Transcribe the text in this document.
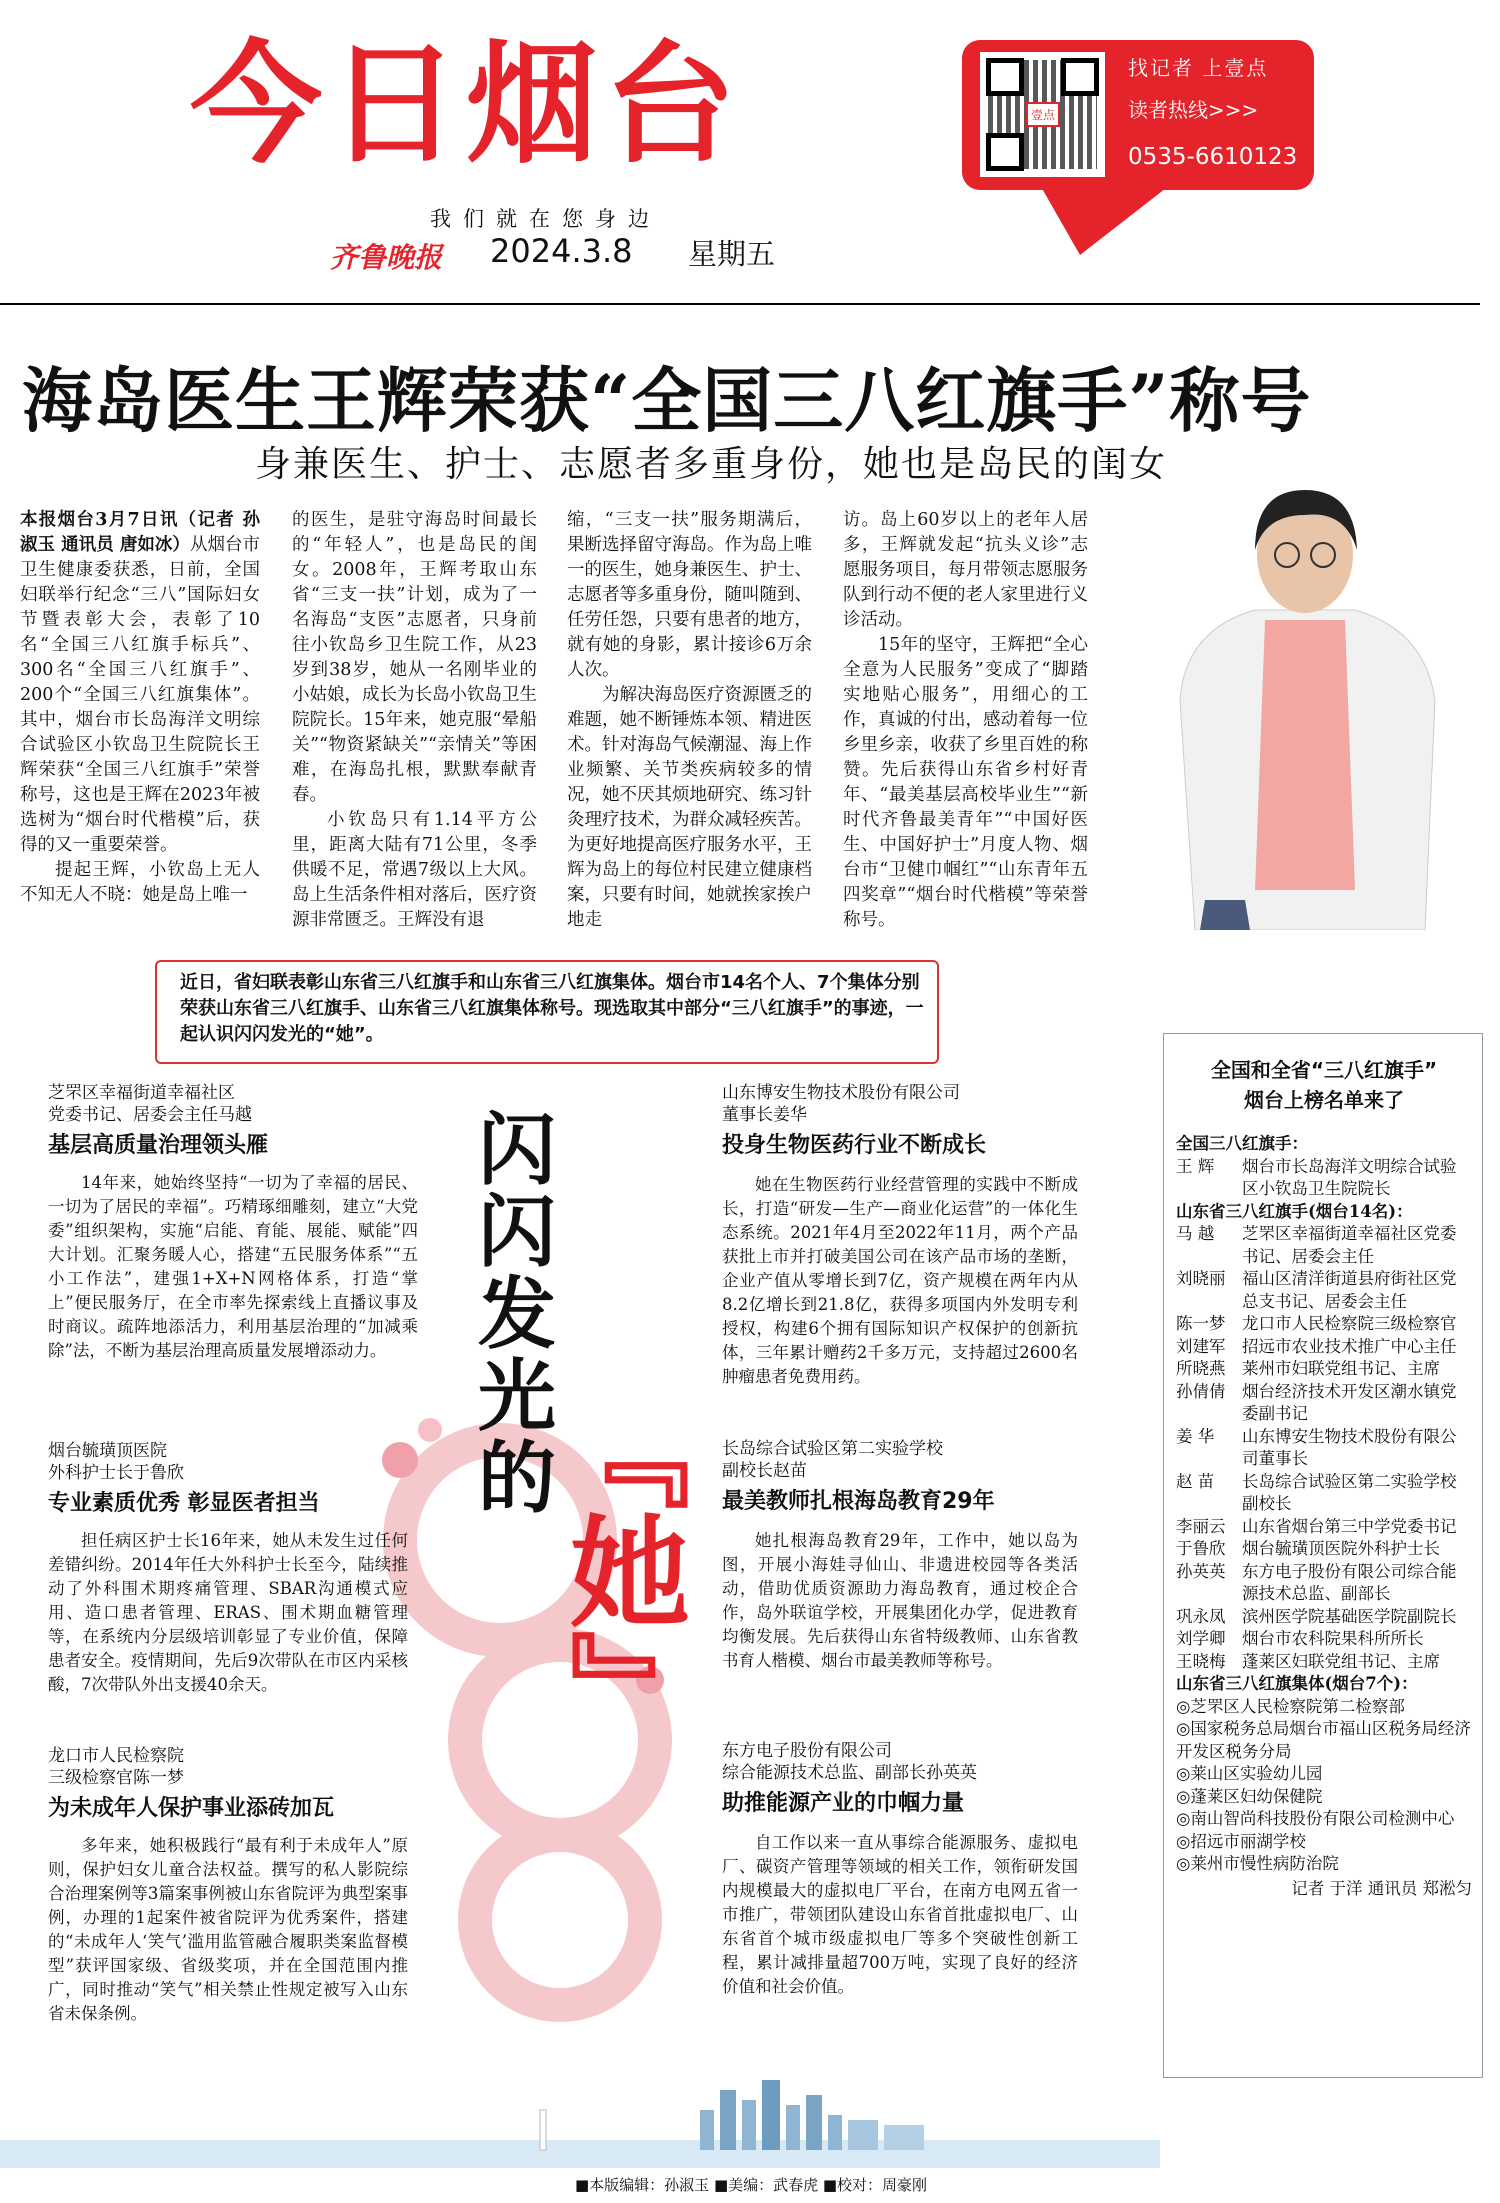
今日烟台
我们就在您身边
齐鲁晚报 2024.3.8 星期五
壹点
找记者 上壹点
读者热线>>>
0535-6610123
海岛医生王辉荣获“全国三八红旗手”称号
身兼医生、护士、志愿者多重身份，她也是岛民的闺女
本报烟台3月7日讯（记者 孙淑玉 通讯员 唐如冰）从烟台市卫生健康委获悉，日前，全国妇联举行纪念“三八”国际妇女节暨表彰大会，表彰了10名“全国三八红旗手标兵”、300名“全国三八红旗手”、200个“全国三八红旗集体”。其中，烟台市长岛海洋文明综合试验区小钦岛卫生院院长王辉荣获“全国三八红旗手”荣誉称号，这也是王辉在2023年被选树为“烟台时代楷模”后，获得的又一重要荣誉。
提起王辉，小钦岛上无人不知无人不晓：她是岛上唯一
的医生，是驻守海岛时间最长的“年轻人”，也是岛民的闺女。2008年，王辉考取山东省“三支一扶”计划，成为了一名海岛“支医”志愿者，只身前往小钦岛乡卫生院工作，从23岁到38岁，她从一名刚毕业的小姑娘，成长为长岛小钦岛卫生院院长。15年来，她克服“晕船关”“物资紧缺关”“亲情关”等困难，在海岛扎根，默默奉献青春。
小钦岛只有1.14平方公里，距离大陆有71公里，冬季供暖不足，常遇7级以上大风。岛上生活条件相对落后，医疗资源非常匮乏。王辉没有退
缩，“三支一扶”服务期满后，果断选择留守海岛。作为岛上唯一的医生，她身兼医生、护士、志愿者等多重身份，随叫随到、任劳任怨，只要有患者的地方，就有她的身影，累计接诊6万余人次。
为解决海岛医疗资源匮乏的难题，她不断锤炼本领、精进医术。针对海岛气候潮湿、海上作业频繁、关节类疾病较多的情况，她不厌其烦地研究、练习针灸理疗技术，为群众减轻疾苦。为更好地提高医疗服务水平，王辉为岛上的每位村民建立健康档案，只要有时间，她就挨家挨户地走
访。岛上60岁以上的老年人居多，王辉就发起“抗头义诊”志愿服务项目，每月带领志愿服务队到行动不便的老人家里进行义诊活动。
15年的坚守，王辉把“全心全意为人民服务”变成了“脚踏实地贴心服务”，用细心的工作，真诚的付出，感动着每一位乡里乡亲，收获了乡里百姓的称赞。先后获得山东省乡村好青年、“最美基层高校毕业生”“新时代齐鲁最美青年”“中国好医生、中国好护士”月度人物、烟台市“卫健巾帼红”“山东青年五四奖章”“烟台时代楷模”等荣誉称号。
近日，省妇联表彰山东省三八红旗手和山东省三八红旗集体。烟台市14名个人、7个集体分别荣获山东省三八红旗手、山东省三八红旗集体称号。现选取其中部分“三八红旗手”的事迹，一起认识闪闪发光的“她”。
闪闪发光的
『她』
芝罘区幸福街道幸福社区
党委书记、居委会主任马越
基层高质量治理领头雁
14年来，她始终坚持“一切为了幸福的居民、一切为了居民的幸福”。巧精琢细雕刻，建立“大党委”组织架构，实施“启能、育能、展能、赋能”四大计划。汇聚务暖人心，搭建“五民服务体系”“五小工作法”，建强1+X+N网格体系，打造“掌上”便民服务厅，在全市率先探索线上直播议事及时商议。疏阵地添活力，利用基层治理的“加减乘除”法，不断为基层治理高质量发展增添动力。
烟台毓璜顶医院
外科护士长于鲁欣
专业素质优秀 彰显医者担当
担任病区护士长16年来，她从未发生过任何差错纠纷。2014年任大外科护士长至今，陆续推动了外科围术期疼痛管理、SBAR沟通模式应用、造口患者管理、ERAS、围术期血糖管理等，在系统内分层级培训彰显了专业价值，保障患者安全。疫情期间，先后9次带队在市区内采核酸，7次带队外出支援40余天。
龙口市人民检察院
三级检察官陈一梦
为未成年人保护事业添砖加瓦
多年来，她积极践行“最有利于未成年人”原则，保护妇女儿童合法权益。撰写的私人影院综合治理案例等3篇案事例被山东省院评为典型案事例，办理的1起案件被省院评为优秀案件，搭建的“未成年人‘笑气’滥用监管融合履职类案监督模型”获评国家级、省级奖项，并在全国范围内推广，同时推动“笑气”相关禁止性规定被写入山东省未保条例。
山东博安生物技术股份有限公司
董事长姜华
投身生物医药行业不断成长
她在生物医药行业经营管理的实践中不断成长，打造“研发—生产—商业化运营”的一体化生态系统。2021年4月至2022年11月，两个产品获批上市并打破美国公司在该产品市场的垄断，企业产值从零增长到7亿，资产规模在两年内从8.2亿增长到21.8亿，获得多项国内外发明专利授权，构建6个拥有国际知识产权保护的创新抗体，三年累计赠药2千多万元，支持超过2600名肿瘤患者免费用药。
长岛综合试验区第二实验学校
副校长赵苗
最美教师扎根海岛教育29年
她扎根海岛教育29年，工作中，她以岛为图，开展小海娃寻仙山、非遗进校园等各类活动，借助优质资源助力海岛教育，通过校企合作，岛外联谊学校，开展集团化办学，促进教育均衡发展。先后获得山东省特级教师、山东省教书育人楷模、烟台市最美教师等称号。
东方电子股份有限公司
综合能源技术总监、副部长孙英英
助推能源产业的巾帼力量
自工作以来一直从事综合能源服务、虚拟电厂、碳资产管理等领域的相关工作，领衔研发国内规模最大的虚拟电厂平台，在南方电网五省一市推广，带领团队建设山东省首批虚拟电厂、山东省首个城市级虚拟电厂等多个突破性创新工程，累计减排量超700万吨，实现了良好的经济价值和社会价值。
全国和全省“三八红旗手”
烟台上榜名单来了
全国三八红旗手：
王 辉	烟台市长岛海洋文明综合试验区小钦岛卫生院院长
山东省三八红旗手(烟台14名)：
马 越	芝罘区幸福街道幸福社区党委书记、居委会主任
刘晓丽	福山区清洋街道县府街社区党总支书记、居委会主任
陈一梦	龙口市人民检察院三级检察官
刘建军	招远市农业技术推广中心主任
所晓燕	莱州市妇联党组书记、主席
孙倩倩	烟台经济技术开发区潮水镇党委副书记
姜 华	山东博安生物技术股份有限公司董事长
赵 苗	长岛综合试验区第二实验学校副校长
李丽云	山东省烟台第三中学党委书记
于鲁欣	烟台毓璜顶医院外科护士长
孙英英	东方电子股份有限公司综合能源技术总监、副部长
巩永凤	滨州医学院基础医学院副院长
刘学卿	烟台市农科院果科所所长
王晓梅	蓬莱区妇联党组书记、主席
山东省三八红旗集体(烟台7个)：
◎芝罘区人民检察院第二检察部
◎国家税务总局烟台市福山区税务局经济开发区税务分局
◎莱山区实验幼儿园
◎蓬莱区妇幼保健院
◎南山智尚科技股份有限公司检测中心
◎招远市丽湖学校
◎莱州市慢性病防治院
记者 于洋 通讯员 郑淞匀
■本版编辑：孙淑玉 ■美编：武春虎 ■校对：周豪刚
